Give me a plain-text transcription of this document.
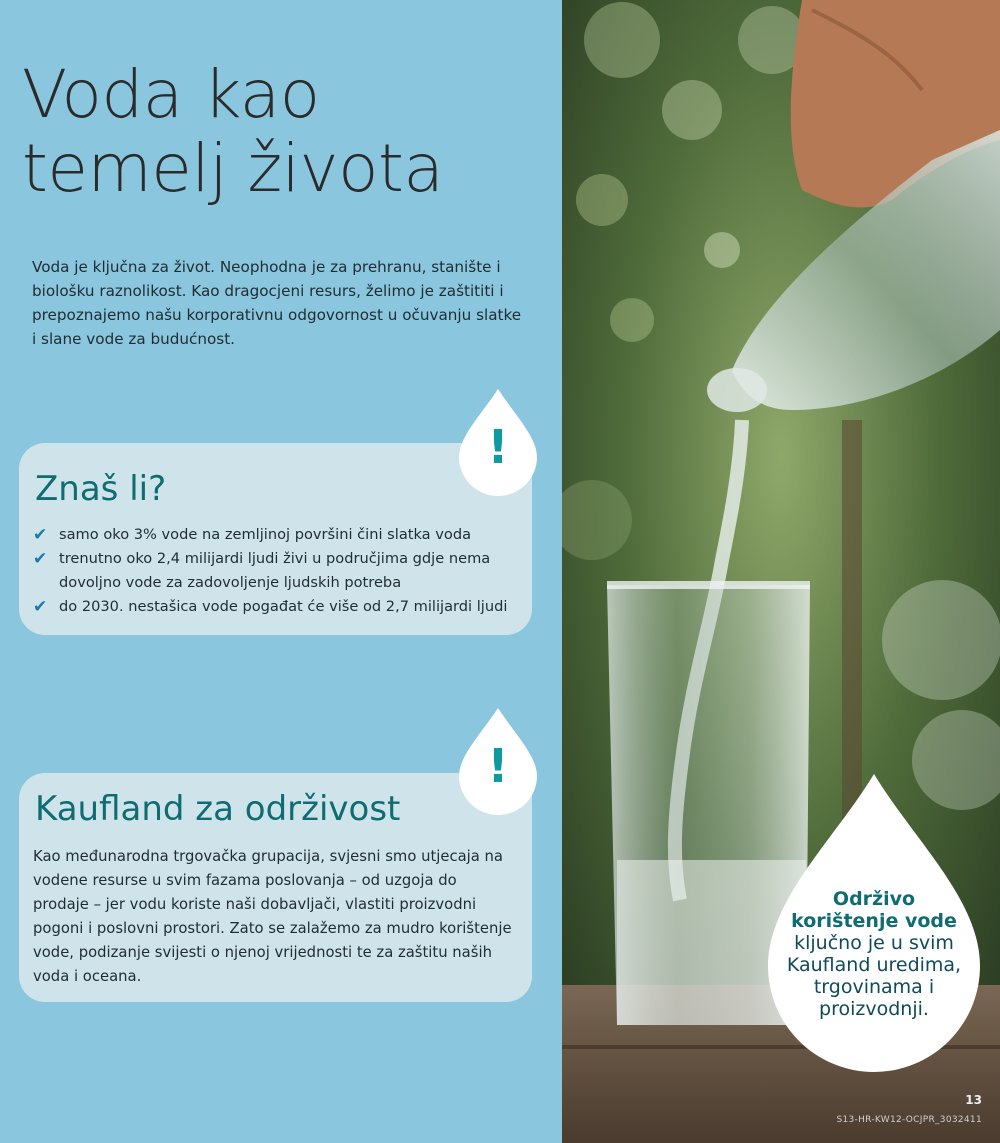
Voda kao
temelj života

Voda je ključna za život. Neophodna je za prehranu, stanište i biološku raznolikost. Kao dragocjeni resurs, želimo je zaštititi i prepoznajemo našu korporativnu odgovornost u očuvanju slatke i slane vode za budućnost.

Znaš li?
✔ samo oko 3% vode na zemljinoj površini čini slatka voda
✔ trenutno oko 2,4 milijardi ljudi živi u područjima gdje nema dovoljno vode za zadovoljenje ljudskih potreba
✔ do 2030. nestašica vode pogađat će više od 2,7 milijardi ljudi
Kaufland za održivost

Kao međunarodna trgovačka grupacija, svjesni smo utjecaja na vodene resurse u svim fazama poslovanja – od uzgoja do prodaje – jer vodu koriste naši dobavljači, vlastiti proizvodni pogoni i poslovni prostori. Zato se zalažemo za mudro korištenje vode, podizanje svijesti o njenoj vrijednosti te za zaštitu naših voda i oceana.

!
!
Održivo
korištenje vode
ključno je u svim
Kaufland uredima,
trgovinama i
proizvodnji.
13
S13-HR-KW12-OCJPR_3032411
